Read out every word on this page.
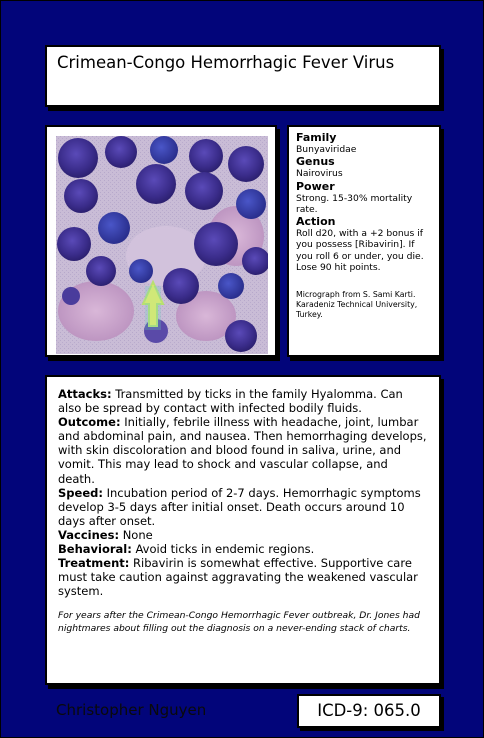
Crimean-Congo Hemorrhagic Fever Virus
Family
Bunyaviridae
Genus
Nairovirus
Power
Strong. 15-30% mortality rate.
Action
Roll d20, with a +2 bonus if you possess [Ribavirin]. If you roll 6 or under, you die. Lose 90 hit points.
Micrograph from S. Sami Karti. Karadeniz Technical University, Turkey.
Attacks: Transmitted by ticks in the family Hyalomma. Can also be spread by contact with infected bodily fluids.
Outcome: Initially, febrile illness with headache, joint, lumbar and abdominal pain, and nausea. Then hemorrhaging develops, with skin discoloration and blood found in saliva, urine, and vomit. This may lead to shock and vascular collapse, and death.
Speed: Incubation period of 2-7 days. Hemorrhagic symptoms develop 3-5 days after initial onset. Death occurs around 10 days after onset.
Vaccines: None
Behavioral: Avoid ticks in endemic regions.
Treatment: Ribavirin is somewhat effective. Supportive care must take caution against aggravating the weakened vascular system.
For years after the Crimean-Congo Hemorrhagic Fever outbreak, Dr. Jones had nightmares about filling out the diagnosis on a never-ending stack of charts.
Christopher Nguyen	ICD-9: 065.0
